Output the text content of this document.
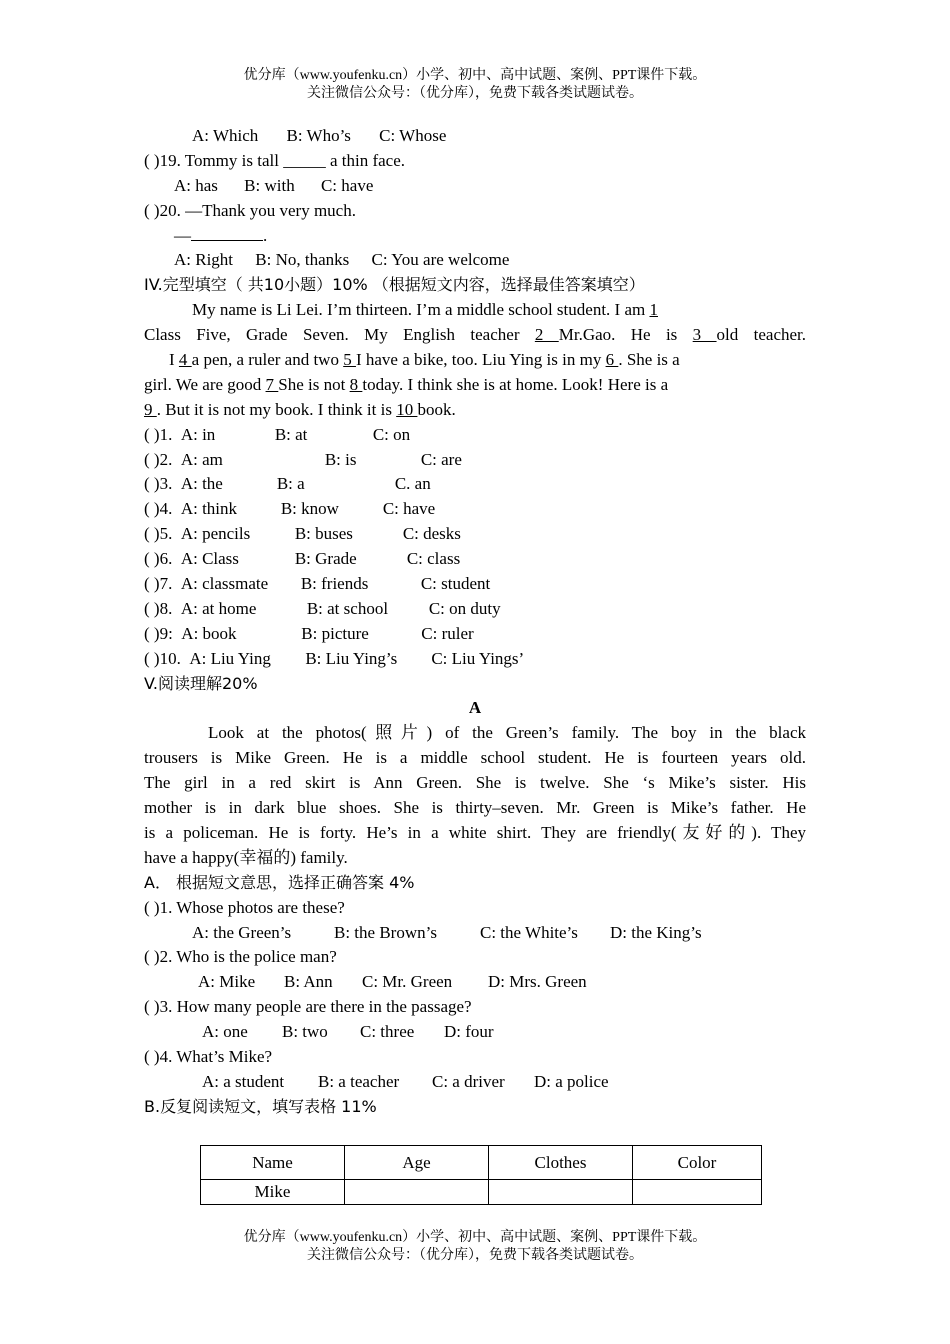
优分库（www.youfenku.cn）小学、初中、高中试题、案例、PPT课件下载。
关注微信公众号：（优分库），免费下载各类试题试卷。
A: Which B: Who’s C: Whose
( )19. Tommy is tall _____ a thin face.
A: has B: with C: have
( )20. —Thank you very much.
—	.
A: Right B: No, thanks C: You are welcome
IV.完型填空（ 共10小题）10% （根据短文内容，选择最佳答案填空）
My name is Li Lei. I’m thirteen. I’m a middle school student. I am 1
Class Five, Grade Seven. My English teacher 2 Mr.Gao. He is 3 old teacher.
I 4 a pen, a ruler and two 5 I have a bike, too. Liu Ying is in my 6 . She is a
girl. We are good 7 She is not 8 today. I think she is at home. Look! Here is a
9 . But it is not my book. I think it is 10 book.
( )1. A: in	B: at	C: on
( )2. A: am	B: is	C: are
( )3. A: the	B: a	C. an
( )4. A: think	B: know	C: have
( )5. A: pencils	B: buses	C: desks
( )6. A: Class	B: Grade	C: class
( )7. A: classmate B: friends	C: student
( )8. A: at home	B: at school C: on duty
( )9: A: book	B: picture	C: ruler
( )10. A: Liu Ying B: Liu Ying’s C: Liu Yings’
V.阅读理解20%
A
Look at the photos(照片) of the Green’s family. The boy in the black
trousers is Mike Green. He is a middle school student. He is fourteen years old.
The girl in a red skirt is Ann Green. She is twelve. She ‘s Mike’s sister. His
mother is in dark blue shoes. She is thirty–seven. Mr. Green is Mike’s father. He
is a policeman. He is forty. He’s in a white shirt. They are friendly(友好的). They
have a happy(幸福的) family.
A． 根据短文意思，选择正确答案 4%
( )1. Whose photos are these?
A: the Green’s	B: the Brown’s	C: the White’s D: the King’s
( )2. Who is the police man?
A: Mike B: Ann C: Mr. Green D: Mrs. Green
( )3. How many people are there in the passage?
A: one B: two C: three D: four
( )4. What’s Mike?
A: a student B: a teacher C: a driver D: a police
B.反复阅读短文，填写表格 11%
Name	Age	Clothes	Color
Mike			
优分库（www.youfenku.cn）小学、初中、高中试题、案例、PPT课件下载。
关注微信公众号：（优分库），免费下载各类试题试卷。
